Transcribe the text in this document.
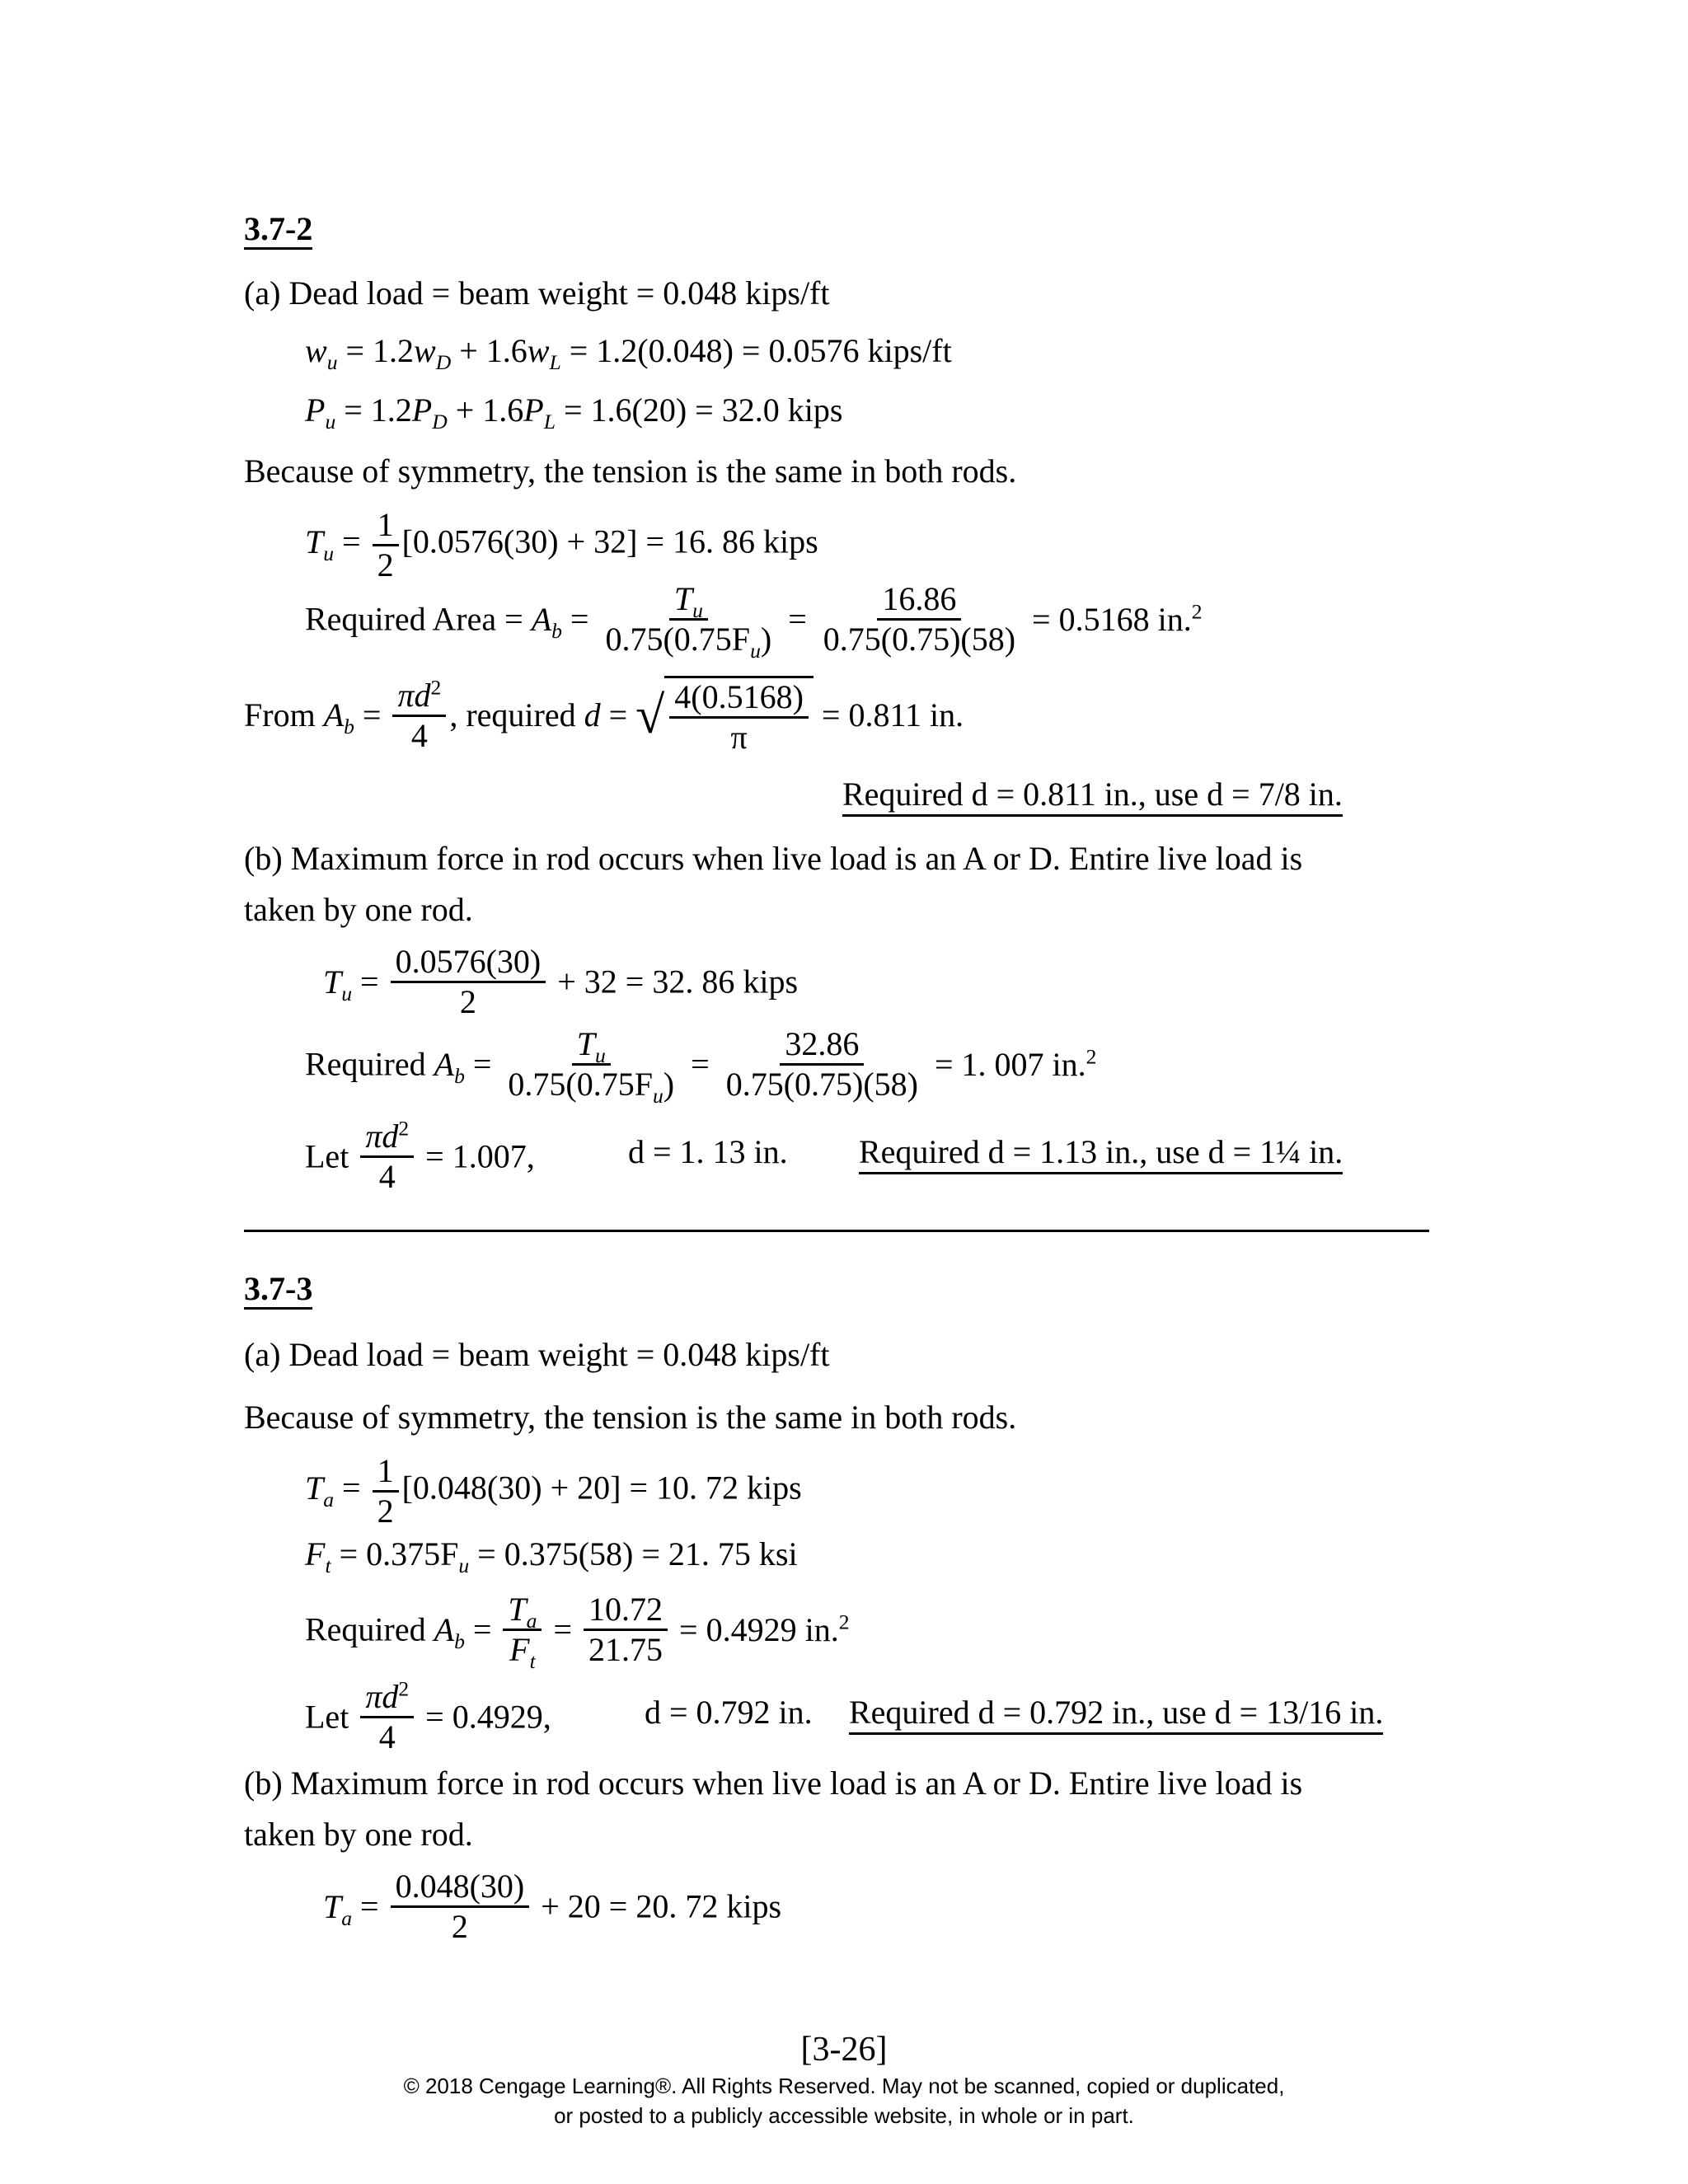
3.7-2
(a) Dead load = beam weight = 0.048 kips/ft
$w_u = 1.2w_D + 1.6w_L = 1.2(0.048) = 0.0576$ kips/ft
$P_u = 1.2P_D + 1.6P_L = 1.6(20) = 32.0$ kips
Because of symmetry, the tension is the same in both rods.
$T_u = \frac{1}{2} [0.0576(30) + 32] = 16$. 86 kips
Required Area = $A_b = \frac{T_u}{0.75(0.75F_u)} = \frac{16.86}{0.75(0.75)(58)} = 0.5168$ in.$^2$
From $A_b = \frac{\pi d^2}{4}$ , required d = √ $\frac{4(0.5168)}{\pi} = 0.811$ in.
Required d = 0.811 in., use d = 7/8 in.
(b) Maximum force in rod occurs when live load is an A or D. Entire live load is
taken by one rod.
$T_u = \frac{0.0576(30)}{2} + 32 = 32$. 86 kips
Required $A_b = \frac{T_u}{0.75(0.75F_u)} = \frac{32.86}{0.75(0.75)(58)} = 1$. 007 in.$^2$
Let $\frac{\pi d^2}{4} = 1.007$,	d = 1. 13 in. Required d = 1.13 in., use d = 1¼ in.
3.7-3
(a) Dead load = beam weight = 0.048 kips/ft
Because of symmetry, the tension is the same in both rods.
$T_a = \frac{1}{2} [0.048(30) + 20] = 10$. 72 kips
$F_t = 0.375F_u = 0.375(58) = 21$. 75 ksi
Required $A_b = \frac{T_a}{F_t} = \frac{10.72}{21.75} = 0.4929$ in.$^2$
Let $\frac{\pi d^2}{4} = 0.4929$,	d = 0.792 in. Required d = 0.792 in., use d = 13/16 in.
(b) Maximum force in rod occurs when live load is an A or D. Entire live load is
taken by one rod.
$T_a = \frac{0.048(30)}{2} + 20 = 20$. 72 kips
[3-26]
© 2018 Cengage Learning®. All Rights Reserved. May not be scanned, copied or duplicated,
or posted to a publicly accessible website, in whole or in part.
